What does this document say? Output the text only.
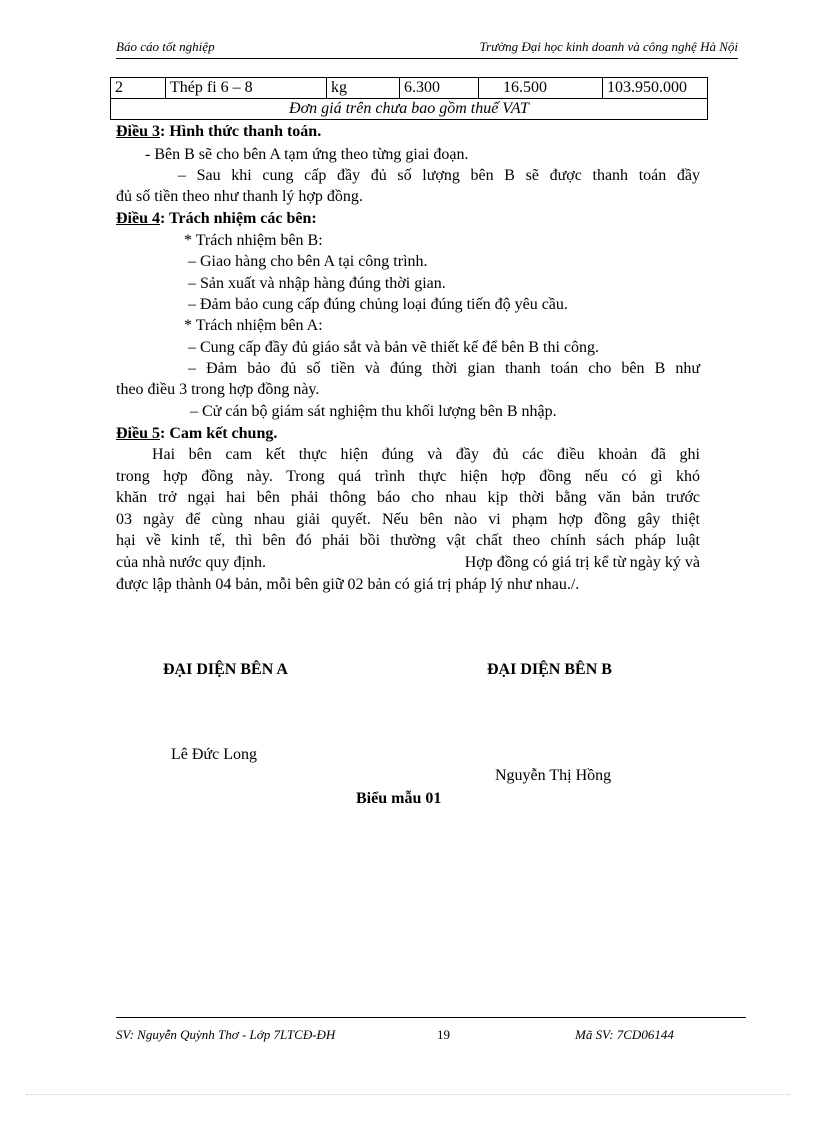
Báo cáo tốt nghiệp	Trường Đại học kinh doanh và công nghệ Hà Nội
2	Thép fi 6 – 8	kg	6.300	16.500	103.950.000
Đơn giá trên chưa bao gồm thuế VAT
Điều 3: Hình thức thanh toán.
- Bên B sẽ cho bên A tạm ứng theo từng giai đoạn.
– Sau khi cung cấp đầy đủ số lượng bên B sẽ được thanh toán đầy
đủ số tiền theo như thanh lý hợp đồng.
Điều 4: Trách nhiệm các bên:
* Trách nhiệm bên B:
– Giao hàng cho bên A tại công trình.
– Sản xuất và nhập hàng đúng thời gian.
– Đảm bảo cung cấp đúng chủng loại đúng tiến độ yêu cầu.
* Trách nhiệm bên A:
– Cung cấp đầy đủ giáo sắt và bản vẽ thiết kế để bên B thi công.
– Đảm bảo đủ số tiền và đúng thời gian thanh toán cho bên B như
theo điều 3 trong hợp đồng này.
– Cử cán bộ giám sát nghiệm thu khối lượng bên B nhập.
Điều 5: Cam kết chung.
Hai bên cam kết thực hiện đúng và đầy đủ các điều khoản đã ghi
trong hợp đồng này. Trong quá trình thực hiện hợp đồng nếu có gì khó
khăn trở ngại hai bên phải thông báo cho nhau kịp thời bằng văn bản trước
03 ngày để cùng nhau giải quyết. Nếu bên nào vi phạm hợp đồng gây thiệt
hại về kinh tế, thì bên đó phải bồi thường vật chất theo chính sách pháp luật
của nhà nước quy định.	Hợp đồng có giá trị kể từ ngày ký và
được lập thành 04 bản, mỗi bên giữ 02 bản có giá trị pháp lý như nhau./.
ĐẠI DIỆN BÊN A	ĐẠI DIỆN BÊN B
Lê Đức Long
Nguyễn Thị Hồng
Biểu mẫu 01
SV: Nguyễn Quỳnh Thơ - Lớp 7LTCĐ-ĐH	19	Mã SV: 7CD06144
